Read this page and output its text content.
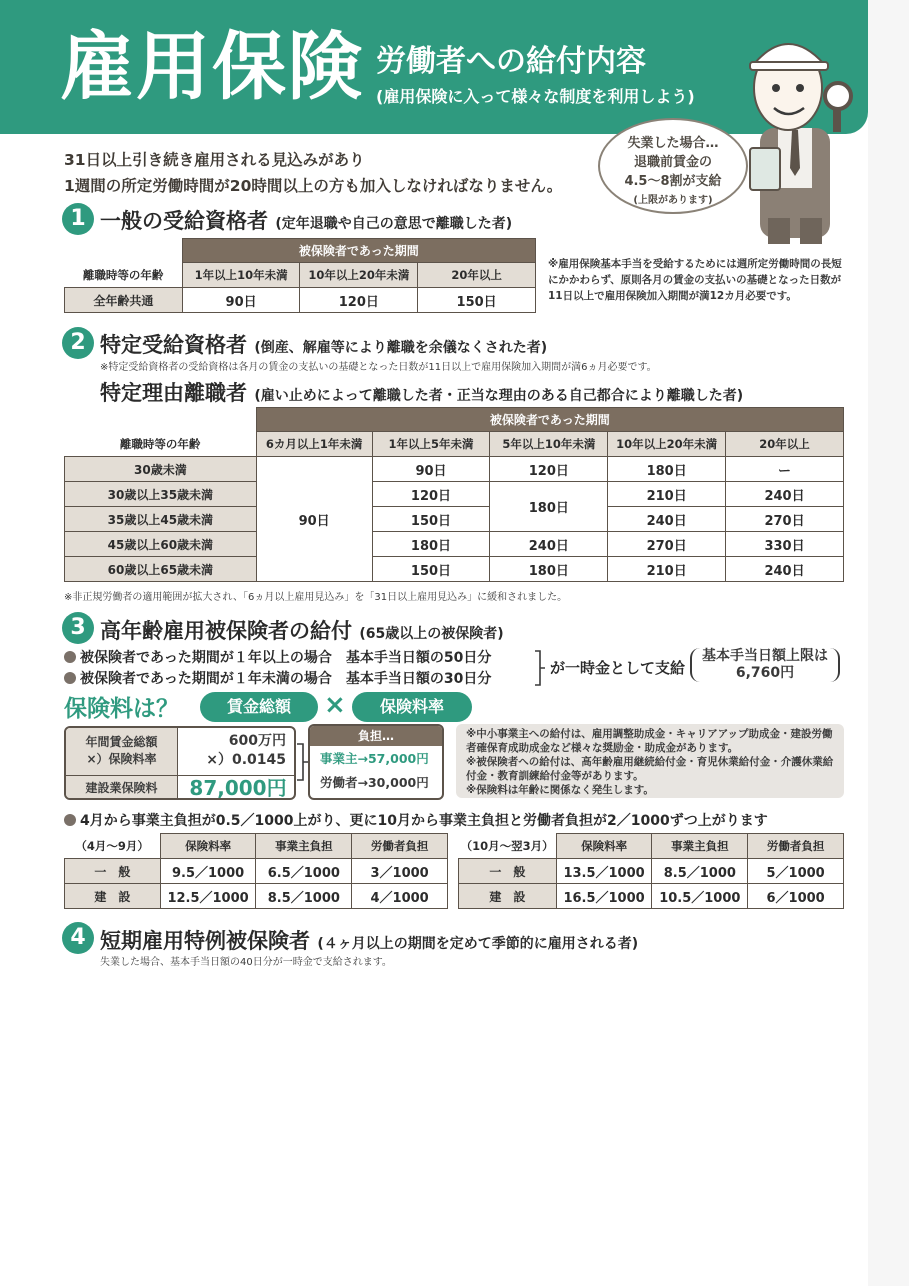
雇用保険 労働者への給付内容
(雇用保険に入って様々な制度を利用しよう)
失業した場合…
退職前賃金の
4.5〜8割が支給
(上限があります)
31日以上引き続き雇用される見込みがあり
1週間の所定労働時間が20時間以上の方も加入しなければなりません。
1 一般の受給資格者 (定年退職や自己の意思で離職した者)
	被保険者であった期間		
離職時等の年齢	1年以上10年未満	10年以上20年未満	20年以上
全年齢共通	90日	120日	150日
※雇用保険基本手当を受給するためには週所定労働時間の長短にかかわらず、原則各月の賃金の支払いの基礎となった日数が11日以上で雇用保険加入期間が満12カ月必要です。
2 特定受給資格者 (倒産、解雇等により離職を余儀なくされた者)
※特定受給資格者の受給資格は各月の賃金の支払いの基礎となった日数が11日以上で雇用保険加入期間が満6ヵ月必要です。
特定理由離職者 (雇い止めによって離職した者・正当な理由のある自己都合により離職した者)
	被保険者であった期間				
離職時等の年齢	6カ月以上1年未満	1年以上5年未満	5年以上10年未満	10年以上20年未満	20年以上
30歳未満	90日	90日	120日	180日	ー
30歳以上35歳未満		120日	180日	210日	240日
35歳以上45歳未満		150日		240日	270日
45歳以上60歳未満		180日	240日	270日	330日
60歳以上65歳未満		150日	180日	210日	240日
※非正規労働者の適用範囲が拡大され、「6ヵ月以上雇用見込み」を「31日以上雇用見込み」に緩和されました。
3 高年齢雇用被保険者の給付 (65歳以上の被保険者)
被保険者であった期間が１年以上の場合　基本手当日額の50日分
被保険者であった期間が１年未満の場合　基本手当日額の30日分
が一時金として支給
基本手当日額上限は
6,760円
保険料は？	賃金総額	×	保険料率
年間賃金総額
×）保険料率
600万円
×）0.0145
建設業保険料	87,000円
負担…
事業主→57,000円
労働者→30,000円
※中小事業主への給付は、雇用調整助成金・キャリアアップ助成金・建設労働者確保育成助成金など様々な奨励金・助成金があります。
※被保険者への給付は、高年齢雇用継続給付金・育児休業給付金・介護休業給付金・教育訓練給付金等があります。
※保険料は年齢に関係なく発生します。
4月から事業主負担が0.5／1000上がり、更に10月から事業主負担と労働者負担が2／1000ずつ上がります
（4月〜9月）	保険料率	事業主負担	労働者負担
一　般	9.5／1000	6.5／1000	3／1000
建　設	12.5／1000	8.5／1000	4／1000
（10月〜翌3月）	保険料率	事業主負担	労働者負担
一　般	13.5／1000	8.5／1000	5／1000
建　設	16.5／1000	10.5／1000	6／1000
4 短期雇用特例被保険者 (４ヶ月以上の期間を定めて季節的に雇用される者)
失業した場合、基本手当日額の40日分が一時金で支給されます。
